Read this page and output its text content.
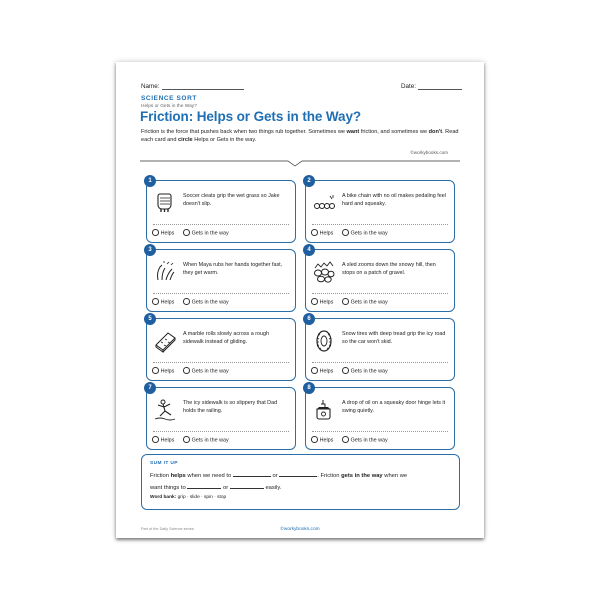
Name:	Date:
SCIENCE SORT
Helps or Gets in the Way?
Friction: Helps or Gets in the Way?
Friction is the force that pushes back when two things rub together. Sometimes we want friction, and sometimes we don't. Read each card and circle Helps or Gets in the way.
©workybooks.com
1
Soccer cleats grip the wet grass so Jake doesn't slip.
Helps	Gets in the way
2
A bike chain with no oil makes pedaling feel hard and squeaky.
Helps	Gets in the way
3
When Maya rubs her hands together fast, they get warm.
Helps	Gets in the way
4
A sled zooms down the snowy hill, then stops on a patch of gravel.
Helps	Gets in the way
5
A marble rolls slowly across a rough sidewalk instead of gliding.
Helps	Gets in the way
6
Snow tires with deep tread grip the icy road so the car won't skid.
Helps	Gets in the way
7
The icy sidewalk is so slippery that Dad holds the railing.
Helps	Gets in the way
8
A drop of oil on a squeaky door hinge lets it swing quietly.
Helps	Gets in the way
SUM IT UP
Friction helps when we need to	or	. Friction gets in the way when we
want things to	or	easily.
Word bank: grip · slide · spin · stop
Part of the Daily Science series	©workybooks.com
